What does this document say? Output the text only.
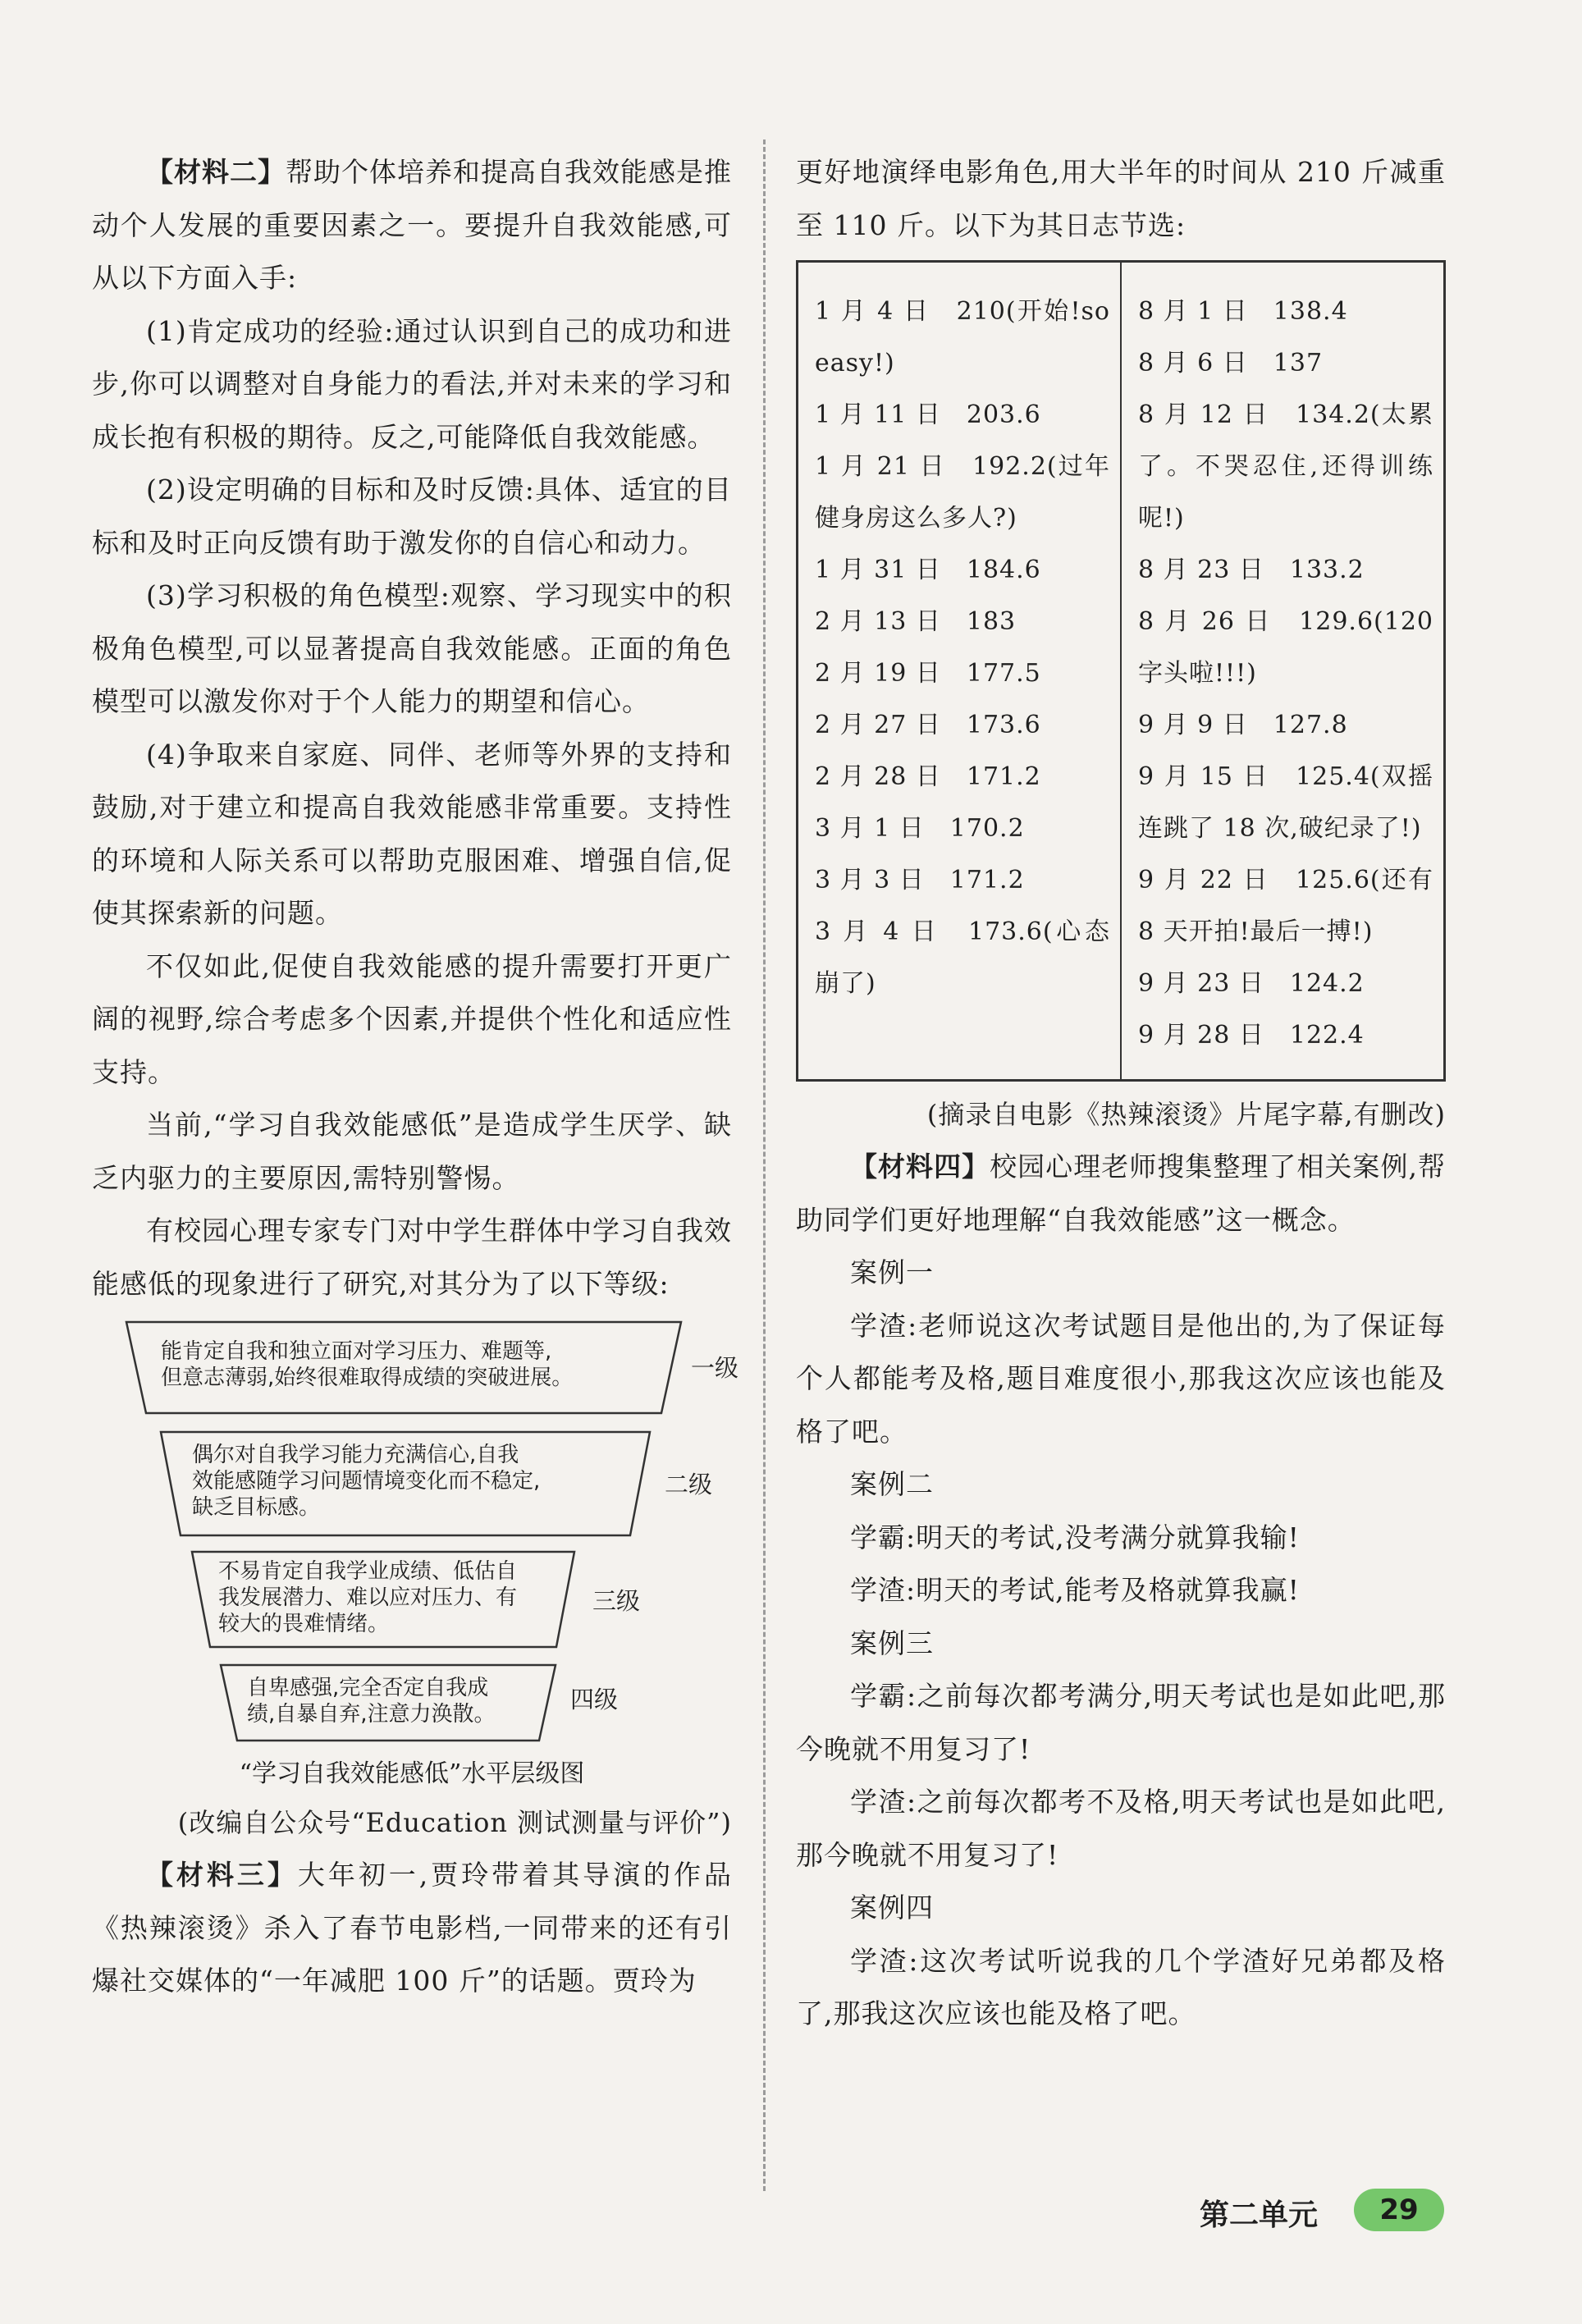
【材料二】帮助个体培养和提高自我效能感是推动个人发展的重要因素之一。要提升自我效能感,可从以下方面入手:

(1)肯定成功的经验:通过认识到自己的成功和进步,你可以调整对自身能力的看法,并对未来的学习和成长抱有积极的期待。反之,可能降低自我效能感。

(2)设定明确的目标和及时反馈:具体、适宜的目标和及时正向反馈有助于激发你的自信心和动力。

(3)学习积极的角色模型:观察、学习现实中的积极角色模型,可以显著提高自我效能感。正面的角色模型可以激发你对于个人能力的期望和信心。

(4)争取来自家庭、同伴、老师等外界的支持和鼓励,对于建立和提高自我效能感非常重要。支持性的环境和人际关系可以帮助克服困难、增强自信,促使其探索新的问题。

不仅如此,促使自我效能感的提升需要打开更广阔的视野,综合考虑多个因素,并提供个性化和适应性支持。

当前,“学习自我效能感低”是造成学生厌学、缺乏内驱力的主要原因,需特别警惕。

有校园心理专家专门对中学生群体中学习自我效能感低的现象进行了研究,对其分为了以下等级:

能肯定自我和独立面对学习压力、难题等,
但意志薄弱,始终很难取得成绩的突破进展。	一级
偶尔对自我学习能力充满信心,自我
效能感随学习问题情境变化而不稳定,
缺乏目标感。
二级
不易肯定自我学业成绩、低估自
我发展潜力、难以应对压力、有
较大的畏难情绪。
三级
自卑感强,完全否定自我成
绩,自暴自弃,注意力涣散。
四级

“学习自我效能感低”水平层级图

(改编自公众号“Education 测试测量与评价”)

【材料三】大年初一,贾玲带着其导演的作品《热辣滚烫》杀入了春节电影档,一同带来的还有引爆社交媒体的“一年减肥 100 斤”的话题。贾玲为

更好地演绎电影角色,用大半年的时间从 210 斤减重至 110 斤。以下为其日志节选:

1 月 4 日　210(开始!so easy!)
1 月 11 日　203.6
1 月 21 日　192.2(过年健身房这么多人?)
1 月 31 日　184.6
2 月 13 日　183
2 月 19 日　177.5
2 月 27 日　173.6
2 月 28 日　171.2
3 月 1 日　170.2
3 月 3 日　171.2
3 月 4 日　173.6(心态崩了)

8 月 1 日　138.4
8 月 6 日　137
8 月 12 日　134.2(太累了。不哭忍住,还得训练呢!)
8 月 23 日　133.2
8 月 26 日　129.6(120 字头啦!!!)
9 月 9 日　127.8
9 月 15 日　125.4(双摇连跳了 18 次,破纪录了!)
9 月 22 日　125.6(还有 8 天开拍!最后一搏!)
9 月 23 日　124.2
9 月 28 日　122.4

(摘录自电影《热辣滚烫》片尾字幕,有删改)

【材料四】校园心理老师搜集整理了相关案例,帮助同学们更好地理解“自我效能感”这一概念。

案例一

学渣:老师说这次考试题目是他出的,为了保证每个人都能考及格,题目难度很小,那我这次应该也能及格了吧。

案例二

学霸:明天的考试,没考满分就算我输!

学渣:明天的考试,能考及格就算我赢!

案例三

学霸:之前每次都考满分,明天考试也是如此吧,那今晚就不用复习了!

学渣:之前每次都考不及格,明天考试也是如此吧,那今晚就不用复习了!

案例四

学渣:这次考试听说我的几个学渣好兄弟都及格了,那我这次应该也能及格了吧。

第二单元	29
